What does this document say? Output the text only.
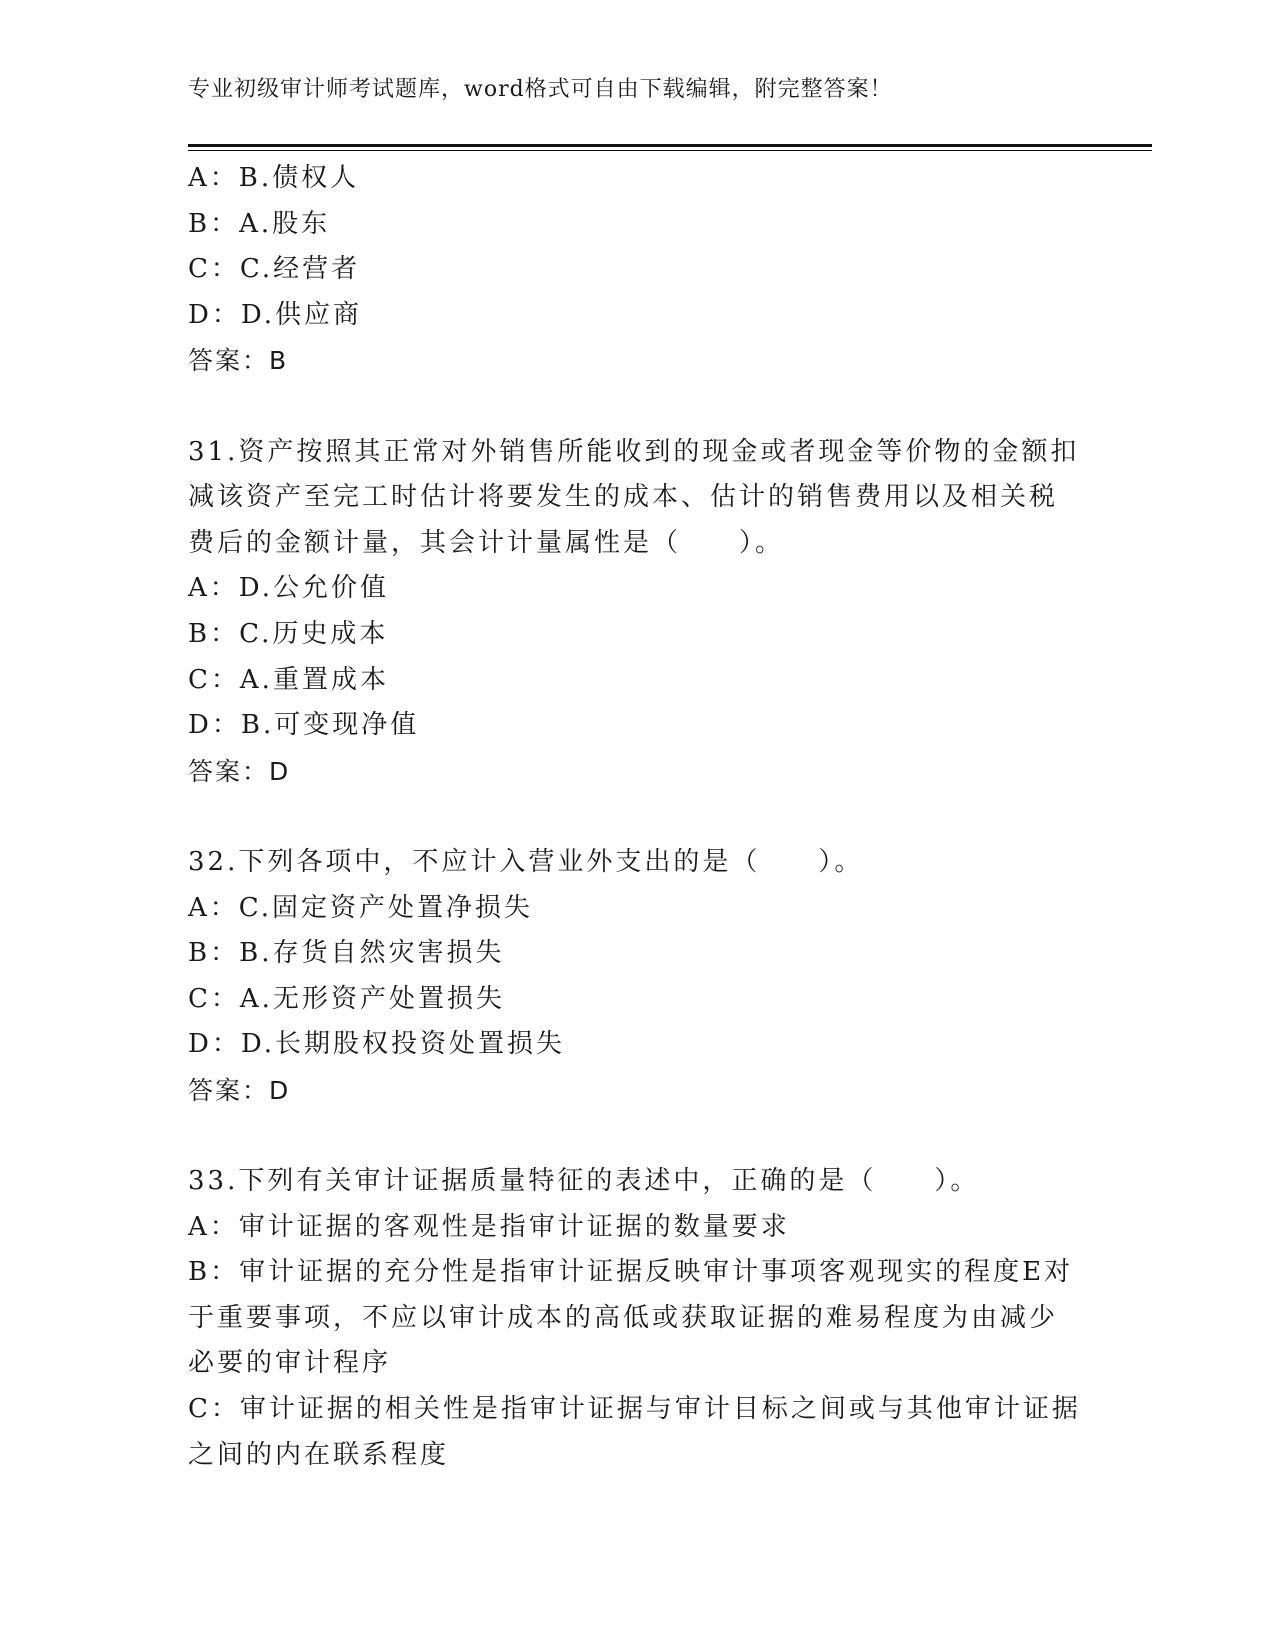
专业初级审计师考试题库，word格式可自由下载编辑，附完整答案！
A：B.债权人
B：A.股东
C：C.经营者
D：D.供应商
答案：B
31.资产按照其正常对外销售所能收到的现金或者现金等价物的金额扣
减该资产至完工时估计将要发生的成本、估计的销售费用以及相关税
费后的金额计量，其会计计量属性是（　　）。
A：D.公允价值
B：C.历史成本
C：A.重置成本
D：B.可变现净值
答案：D
32.下列各项中，不应计入营业外支出的是（　　）。
A：C.固定资产处置净损失
B：B.存货自然灾害损失
C：A.无形资产处置损失
D：D.长期股权投资处置损失
答案：D
33.下列有关审计证据质量特征的表述中，正确的是（　　）。
A：审计证据的客观性是指审计证据的数量要求
B：审计证据的充分性是指审计证据反映审计事项客观现实的程度E对
于重要事项，不应以审计成本的高低或获取证据的难易程度为由减少
必要的审计程序
C：审计证据的相关性是指审计证据与审计目标之间或与其他审计证据
之间的内在联系程度
